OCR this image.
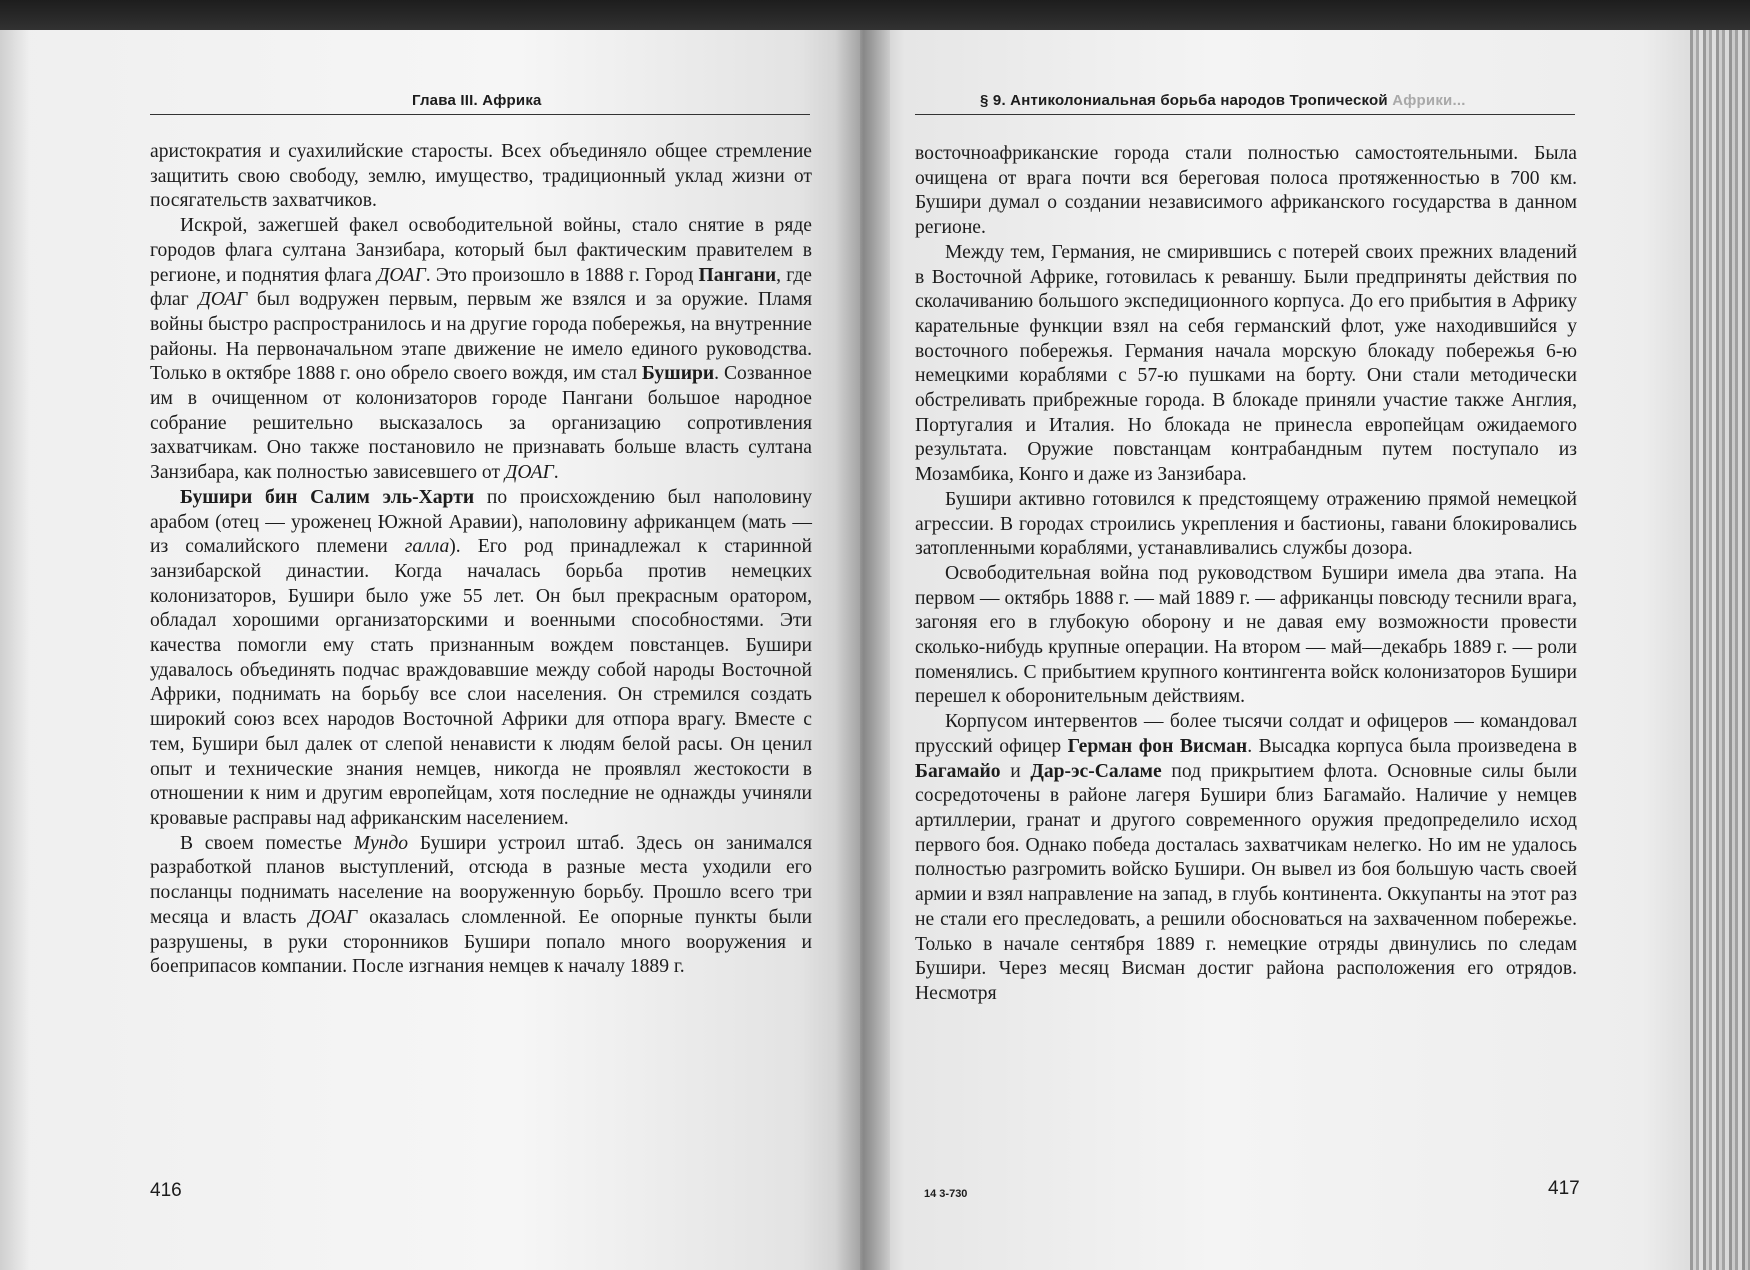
Глава III. Африка

аристократия и суахилийские старосты. Всех объединяло общее стремление защитить свою свободу, землю, имущество, традиционный уклад жизни от посягательств захватчиков.

Искрой, зажегшей факел освободительной войны, стало снятие в ряде городов флага султана Занзибара, который был фактическим правителем в регионе, и поднятия флага ДОАГ. Это произошло в 1888 г. Город Пангани, где флаг ДОАГ был водружен первым, первым же взялся и за оружие. Пламя войны быстро распространилось и на другие города побережья, на внутренние районы. На первоначальном этапе движение не имело единого руководства. Только в октябре 1888 г. оно обрело своего вождя, им стал Бушири. Созванное им в очищенном от колонизаторов городе Пангани большое народное собрание решительно высказалось за организацию сопротивления захватчикам. Оно также постановило не признавать больше власть султана Занзибара, как полностью зависевшего от ДОАГ.

Бушири бин Салим эль-Харти по происхождению был наполовину арабом (отец — уроженец Южной Аравии), наполовину африканцем (мать — из сомалийского племени галла). Его род принадлежал к старинной занзибарской династии. Когда началась борьба против немецких колонизаторов, Бушири было уже 55 лет. Он был прекрасным оратором, обладал хорошими организаторскими и военными способностями. Эти качества помогли ему стать признанным вождем повстанцев. Бушири удавалось объединять подчас враждовавшие между собой народы Восточной Африки, поднимать на борьбу все слои населения. Он стремился создать широкий союз всех народов Восточной Африки для отпора врагу. Вместе с тем, Бушири был далек от слепой ненависти к людям белой расы. Он ценил опыт и технические знания немцев, никогда не проявлял жестокости в отношении к ним и другим европейцам, хотя последние не однажды учиняли кровавые расправы над африканским населением.

В своем поместье Мундо Бушири устроил штаб. Здесь он занимался разработкой планов выступлений, отсюда в разные места уходили его посланцы поднимать население на вооруженную борьбу. Прошло всего три месяца и власть ДОАГ оказалась сломленной. Ее опорные пункты были разрушены, в руки сторонников Бушири попало много вооружения и боеприпасов компании. После изгнания немцев к началу 1889 г.

416
§ 9. Антиколониальная борьба народов Тропической Африки...

восточноафриканские города стали полностью самостоятельными. Была очищена от врага почти вся береговая полоса протяженностью в 700 км. Бушири думал о создании независимого африканского государства в данном регионе.

Между тем, Германия, не смирившись с потерей своих прежних владений в Восточной Африке, готовилась к реваншу. Были предприняты действия по сколачиванию большого экспедиционного корпуса. До его прибытия в Африку карательные функции взял на себя германский флот, уже находившийся у восточного побережья. Германия начала морскую блокаду побережья 6-ю немецкими кораблями с 57-ю пушками на борту. Они стали методически обстреливать прибрежные города. В блокаде приняли участие также Англия, Португалия и Италия. Но блокада не принесла европейцам ожидаемого результата. Оружие повстанцам контрабандным путем поступало из Мозамбика, Конго и даже из Занзибара.

Бушири активно готовился к предстоящему отражению прямой немецкой агрессии. В городах строились укрепления и бастионы, гавани блокировались затопленными кораблями, устанавливались службы дозора.

Освободительная война под руководством Бушири имела два этапа. На первом — октябрь 1888 г. — май 1889 г. — африканцы повсюду теснили врага, загоняя его в глубокую оборону и не давая ему возможности провести сколько-нибудь крупные операции. На втором — май—декабрь 1889 г. — роли поменялись. С прибытием крупного контингента войск колонизаторов Бушири перешел к оборонительным действиям.

Корпусом интервентов — более тысячи солдат и офицеров — командовал прусский офицер Герман фон Висман. Высадка корпуса была произведена в Багамайо и Дар-эс-Саламе под прикрытием флота. Основные силы были сосредоточены в районе лагеря Бушири близ Багамайо. Наличие у немцев артиллерии, гранат и другого современного оружия предопределило исход первого боя. Однако победа досталась захватчикам нелегко. Но им не удалось полностью разгромить войско Бушири. Он вывел из боя большую часть своей армии и взял направление на запад, в глубь континента. Оккупанты на этот раз не стали его преследовать, а решили обосноваться на захваченном побережье. Только в начале сентября 1889 г. немецкие отряды двинулись по следам Бушири. Через месяц Висман достиг района расположения его отрядов. Несмотря

14 3-730	417
